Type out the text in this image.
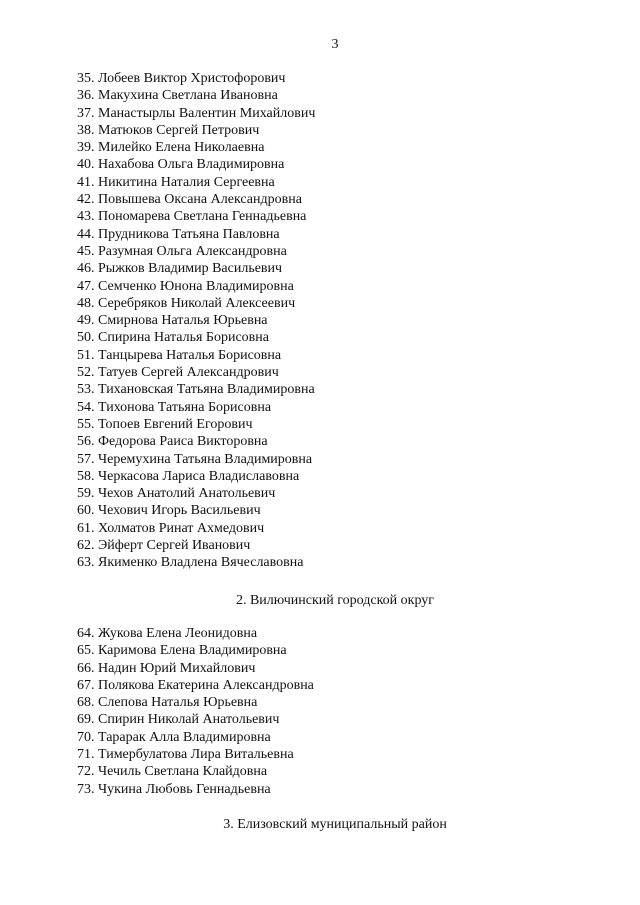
3
35. Лобеев Виктор Христофорович
36. Макухина Светлана Ивановна
37. Манастырлы Валентин Михайлович
38. Матюков Сергей Петрович
39. Милейко Елена Николаевна
40. Нахабова Ольга Владимировна
41. Никитина Наталия Сергеевна
42. Повышева Оксана Александровна
43. Пономарева Светлана Геннадьевна
44. Прудникова Татьяна Павловна
45. Разумная Ольга Александровна
46. Рыжков Владимир Васильевич
47. Семченко Юнона Владимировна
48. Серебряков Николай Алексеевич
49. Смирнова Наталья Юрьевна
50. Спирина Наталья Борисовна
51. Танцырева Наталья Борисовна
52. Татуев Сергей Александрович
53. Тихановская Татьяна Владимировна
54. Тихонова Татьяна Борисовна
55. Топоев Евгений Егорович
56. Федорова Раиса Викторовна
57. Черемухина Татьяна Владимировна
58. Черкасова Лариса Владиславовна
59. Чехов Анатолий Анатольевич
60. Чехович Игорь Васильевич
61. Холматов Ринат Ахмедович
62. Эйферт Сергей Иванович
63. Якименко Владлена Вячеславовна
2. Вилючинский городской округ
64. Жукова Елена Леонидовна
65. Каримова Елена Владимировна
66. Надин Юрий Михайлович
67. Полякова Екатерина Александровна
68. Слепова Наталья Юрьевна
69. Спирин Николай Анатольевич
70. Тарарак Алла Владимировна
71. Тимербулатова Лира Витальевна
72. Чечиль Светлана Клайдовна
73. Чукина Любовь Геннадьевна
3. Елизовский муниципальный район
